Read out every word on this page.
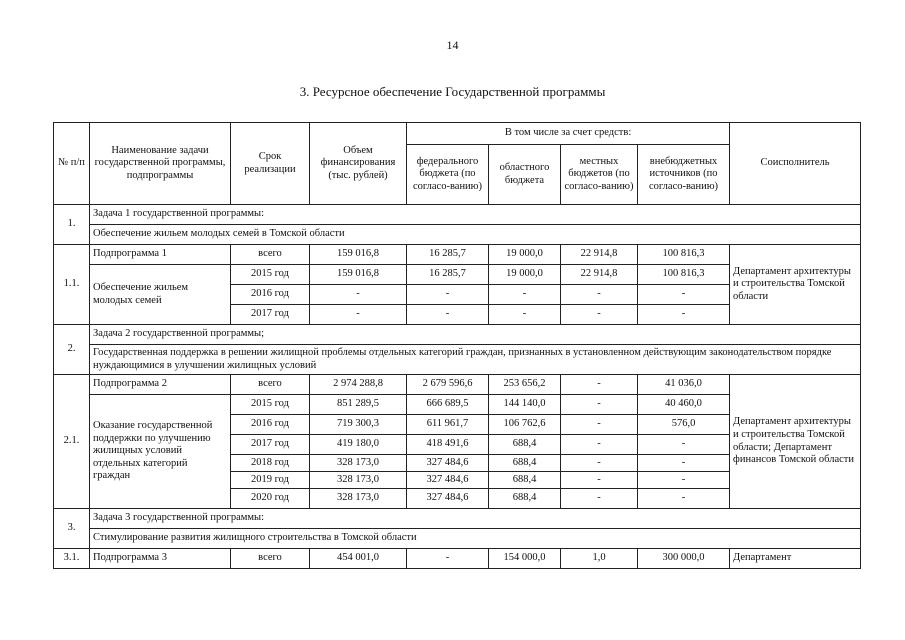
14
3. Ресурсное обеспечение Государственной программы
№ п/п	Наименование задачи государственной программы, подпрограммы	Срок реализации	Объем финансирования (тыс. рублей)	В том числе за счет средств:				Соисполнитель
				федерального бюджета (по согласо-ванию)	областного бюджета	местных бюджетов (по согласо-ванию)	внебюджетных источников (по согласо-ванию)	
1.	Задача 1 государственной программы:							
	Обеспечение жильем молодых семей в Томской области							
1.1.	Подпрограмма 1	всего	159 016,8	16 285,7	19 000,0	22 914,8	100 816,3	Департамент архитектуры и строительства Томской области
	Обеспечение жильем молодых семей	2015 год	159 016,8	16 285,7	19 000,0	22 914,8	100 816,3	
		2016 год	-	-	-	-	-	
		2017 год	-	-	-	-	-	
2.	Задача 2 государственной программы;							
	Государственная поддержка в решении жилищной проблемы отдельных категорий граждан, признанных в установленном действующим законодательством порядке нуждающимися в улучшении жилищных условий							
2.1.	Подпрограмма 2	всего	2 974 288,8	2 679 596,6	253 656,2	-	41 036,0	Департамент архитектуры и строительства Томской области; Департамент финансов Томской области
	Оказание государственной поддержки по улучшению жилищных условий отдельных категорий граждан	2015 год	851 289,5	666 689,5	144 140,0	-	40 460,0	
		2016 год	719 300,3	611 961,7	106 762,6	-	576,0	
		2017 год	419 180,0	418 491,6	688,4	-	-	
		2018 год	328 173,0	327 484,6	688,4	-	-	
		2019 год	328 173,0	327 484,6	688,4	-	-	
		2020 год	328 173,0	327 484,6	688,4	-	-	
3.	Задача 3 государственной программы:							
	Стимулирование развития жилищного строительства в Томской области							
3.1.	Подпрограмма 3	всего	454 001,0	-	154 000,0	1,0	300 000,0	Департамент
